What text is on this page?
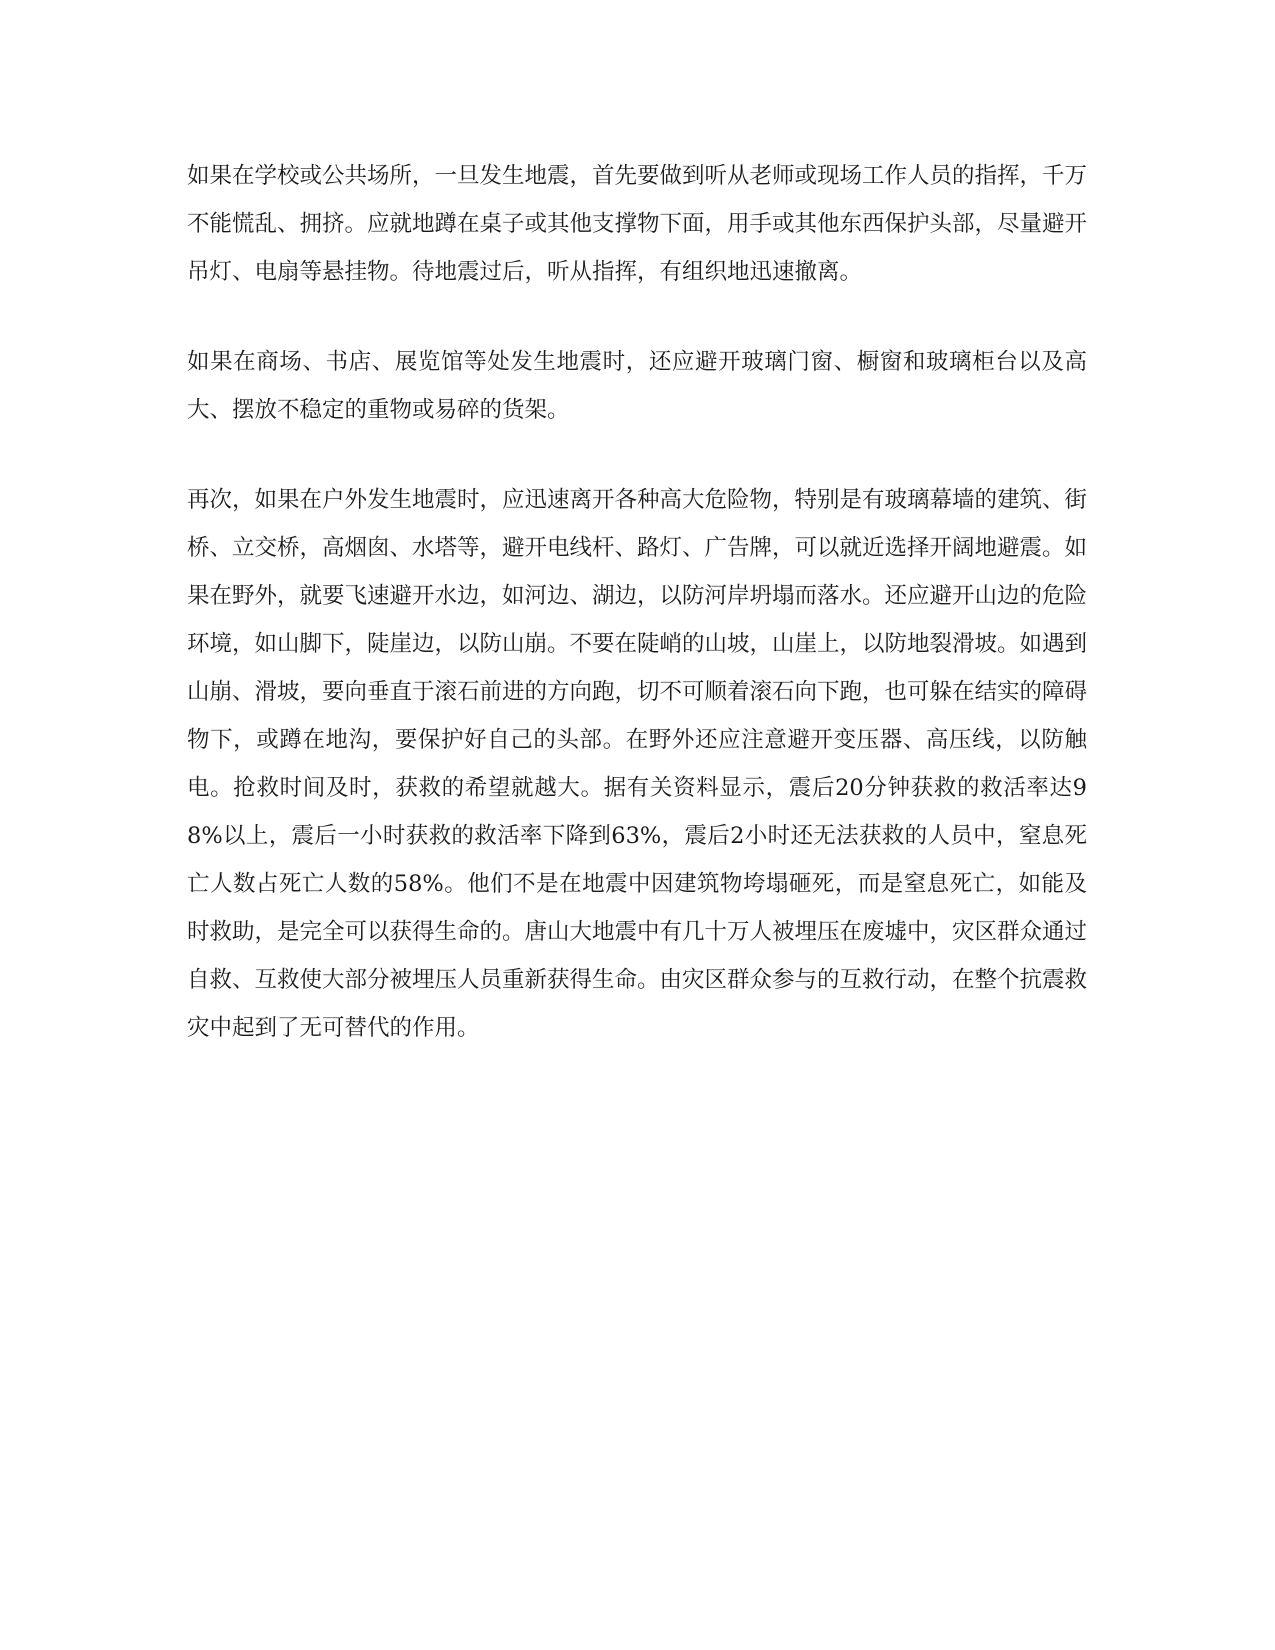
如果在学校或公共场所，一旦发生地震，首先要做到听从老师或现场工作人员的指挥，千万不能慌乱、拥挤。应就地蹲在桌子或其他支撑物下面，用手或其他东西保护头部，尽量避开吊灯、电扇等悬挂物。待地震过后，听从指挥，有组织地迅速撤离。

如果在商场、书店、展览馆等处发生地震时，还应避开玻璃门窗、橱窗和玻璃柜台以及高大、摆放不稳定的重物或易碎的货架。

再次，如果在户外发生地震时，应迅速离开各种高大危险物，特别是有玻璃幕墙的建筑、街桥、立交桥，高烟囱、水塔等，避开电线杆、路灯、广告牌，可以就近选择开阔地避震。如果在野外，就要飞速避开水边，如河边、湖边，以防河岸坍塌而落水。还应避开山边的危险环境，如山脚下，陡崖边，以防山崩。不要在陡峭的山坡，山崖上，以防地裂滑坡。如遇到山崩、滑坡，要向垂直于滚石前进的方向跑，切不可顺着滚石向下跑，也可躲在结实的障碍物下，或蹲在地沟，要保护好自己的头部。在野外还应注意避开变压器、高压线，以防触电。抢救时间及时，获救的希望就越大。据有关资料显示，震后20分钟获救的救活率达98%以上，震后一小时获救的救活率下降到63%，震后2小时还无法获救的人员中，窒息死亡人数占死亡人数的58%。他们不是在地震中因建筑物垮塌砸死，而是窒息死亡，如能及时救助，是完全可以获得生命的。唐山大地震中有几十万人被埋压在废墟中，灾区群众通过自救、互救使大部分被埋压人员重新获得生命。由灾区群众参与的互救行动，在整个抗震救灾中起到了无可替代的作用。
